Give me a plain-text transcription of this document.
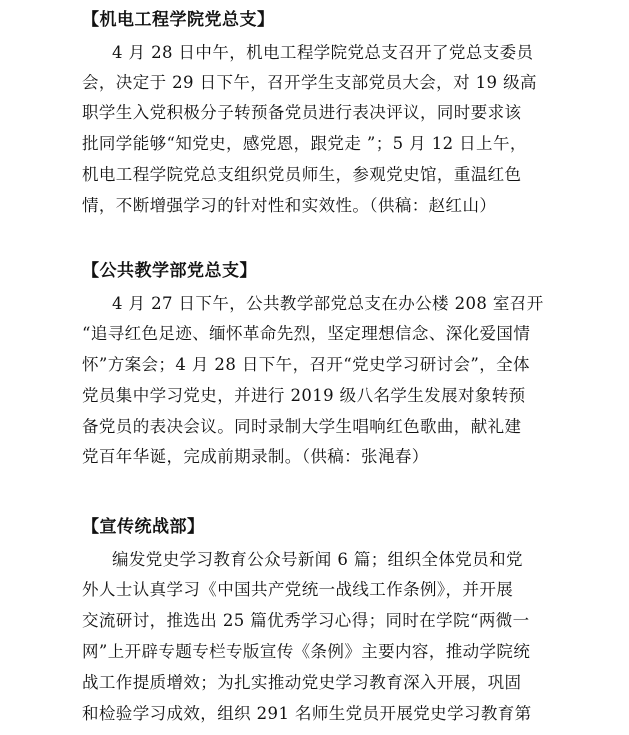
【机电工程学院党总支】
4 月 28 日中午，机电工程学院党总支召开了党总支委员
会，决定于 29 日下午，召开学生支部党员大会，对 19 级高
职学生入党积极分子转预备党员进行表决评议，同时要求该
批同学能够“知党史，感党恩，跟党走 ”；5 月 12 日上午，
机电工程学院党总支组织党员师生，参观党史馆，重温红色
情，不断增强学习的针对性和实效性。（供稿：赵红山）
【公共教学部党总支】
4 月 27 日下午，公共教学部党总支在办公楼 208 室召开
“追寻红色足迹、缅怀革命先烈，坚定理想信念、深化爱国情
怀”方案会；4 月 28 日下午，召开“党史学习研讨会”，全体
党员集中学习党史，并进行 2019 级八名学生发展对象转预
备党员的表决会议。同时录制大学生唱响红色歌曲，献礼建
党百年华诞，完成前期录制。（供稿：张渑春）
【宣传统战部】
编发党史学习教育公众号新闻 6 篇；组织全体党员和党
外人士认真学习《中国共产党统一战线工作条例》，并开展
交流研讨，推选出 25 篇优秀学习心得；同时在学院“两微一
网”上开辟专题专栏专版宣传《条例》主要内容，推动学院统
战工作提质增效；为扎实推动党史学习教育深入开展，巩固
和检验学习成效，组织 291 名师生党员开展党史学习教育第
